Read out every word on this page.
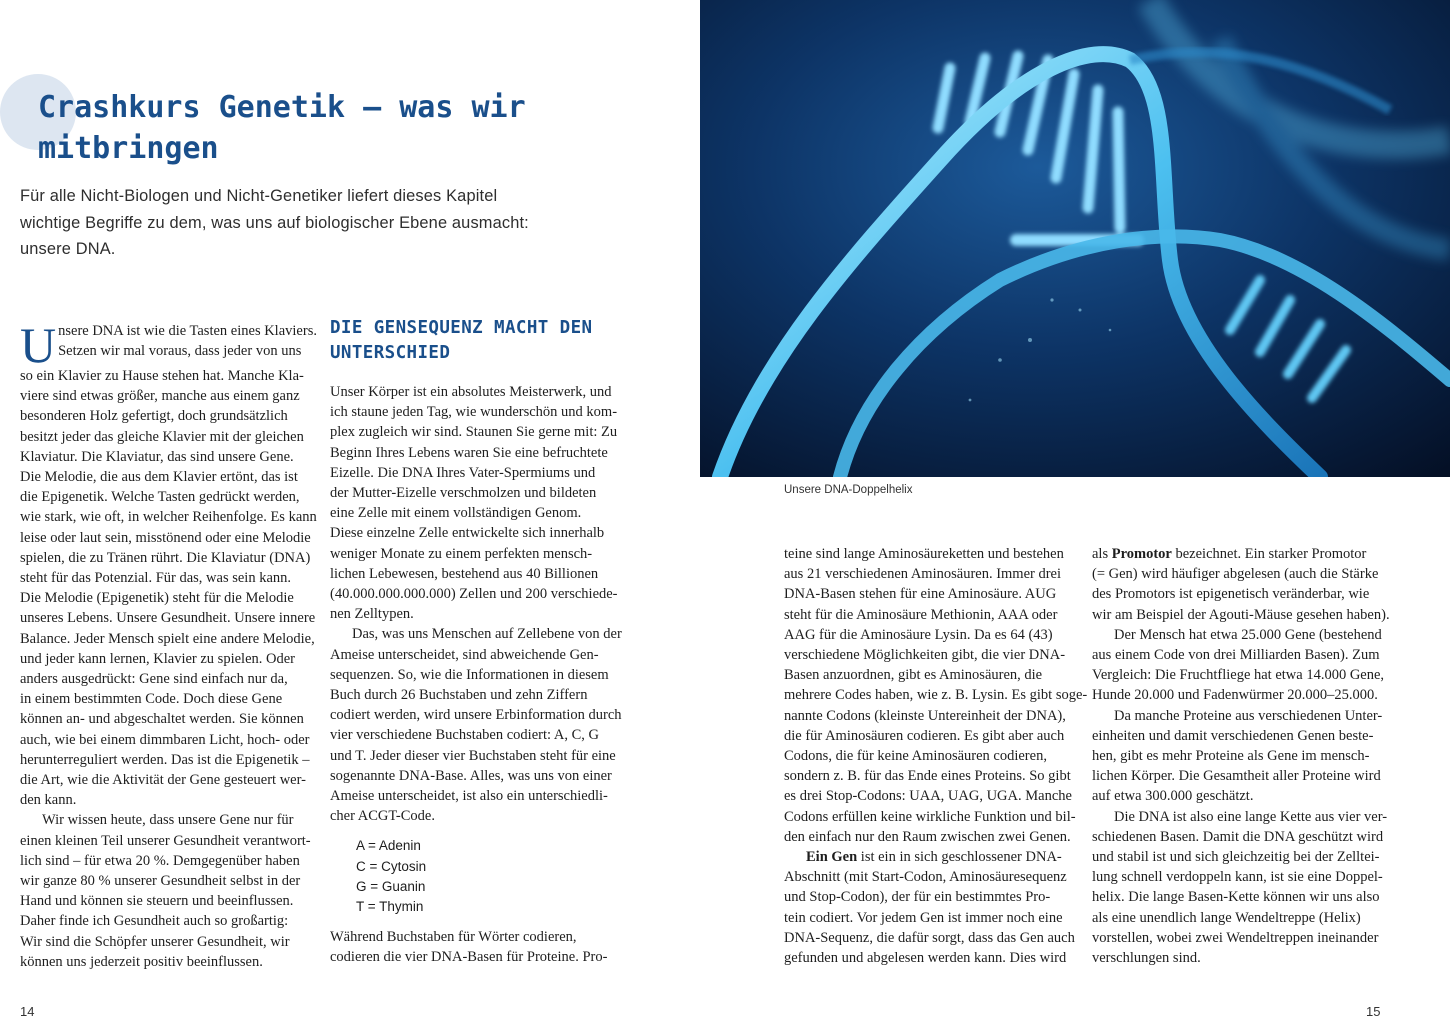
Crashkurs Genetik – was wir
mitbringen

Für alle Nicht-Biologen und Nicht-Genetiker liefert dieses Kapitel

wichtige Begriffe zu dem, was uns auf biologischer Ebene ausmacht:

unsere DNA.

U nsere DNA ist wie die Tasten eines Klaviers.
Setzen wir mal voraus, dass jeder von uns
so ein Klavier zu Hause stehen hat. Manche Kla-
viere sind etwas größer, manche aus einem ganz
besonderen Holz gefertigt, doch grundsätzlich
besitzt jeder das gleiche Klavier mit der gleichen
Klaviatur. Die Klaviatur, das sind unsere Gene.
Die Melodie, die aus dem Klavier ertönt, das ist
die Epigenetik. Welche Tasten gedrückt werden,
wie stark, wie oft, in welcher Reihenfolge. Es kann
leise oder laut sein, misstönend oder eine Melodie
spielen, die zu Tränen rührt. Die Klaviatur (DNA)
steht für das Potenzial. Für das, was sein kann.
Die Melodie (Epigenetik) steht für die Melodie
unseres Lebens. Unsere Gesundheit. Unsere innere
Balance. Jeder Mensch spielt eine andere Melodie,
und jeder kann lernen, Klavier zu spielen. Oder
anders ausgedrückt: Gene sind einfach nur da,
in einem bestimmten Code. Doch diese Gene
können an- und abgeschaltet werden. Sie können
auch, wie bei einem dimmbaren Licht, hoch- oder
herunterreguliert werden. Das ist die Epigenetik –
die Art, wie die Aktivität der Gene gesteuert wer-
den kann.
Wir wissen heute, dass unsere Gene nur für
einen kleinen Teil unserer Gesundheit verantwort-
lich sind – für etwa 20 %. Demgegenüber haben
wir ganze 80 % unserer Gesundheit selbst in der
Hand und können sie steuern und beeinflussen.
Daher finde ich Gesundheit auch so großartig:
Wir sind die Schöpfer unserer Gesundheit, wir
können uns jederzeit positiv beeinflussen.
DIE GENSEQUENZ MACHT DEN
UNTERSCHIED
Unser Körper ist ein absolutes Meisterwerk, und
ich staune jeden Tag, wie wunderschön und kom-
plex zugleich wir sind. Staunen Sie gerne mit: Zu
Beginn Ihres Lebens waren Sie eine befruchtete
Eizelle. Die DNA Ihres Vater-Spermiums und
der Mutter-Eizelle verschmolzen und bildeten
eine Zelle mit einem vollständigen Genom.
Diese einzelne Zelle entwickelte sich innerhalb
weniger Monate zu einem perfekten mensch-
lichen Lebewesen, bestehend aus 40 Billionen
(40.000.000.000.000) Zellen und 200 verschiede-
nen Zelltypen.
Das, was uns Menschen auf Zellebene von der
Ameise unterscheidet, sind abweichende Gen-
sequenzen. So, wie die Informationen in diesem
Buch durch 26 Buchstaben und zehn Ziffern
codiert werden, wird unsere Erbinformation durch
vier verschiedene Buchstaben codiert: A, C, G
und T. Jeder dieser vier Buchstaben steht für eine
sogenannte DNA-Base. Alles, was uns von einer
Ameise unterscheidet, ist also ein unterschiedli-
cher ACGT-Code.
A = Adenin
C = Cytosin
G = Guanin
T = Thymin
Während Buchstaben für Wörter codieren,
codieren die vier DNA-Basen für Proteine. Pro-
14
Unsere DNA-Doppelhelix
teine sind lange Aminosäureketten und bestehen
aus 21 verschiedenen Aminosäuren. Immer drei
DNA-Basen stehen für eine Aminosäure. AUG
steht für die Aminosäure Methionin, AAA oder
AAG für die Aminosäure Lysin. Da es 64 (43)
verschiedene Möglichkeiten gibt, die vier DNA-
Basen anzuordnen, gibt es Aminosäuren, die
mehrere Codes haben, wie z. B. Lysin. Es gibt soge-
nannte Codons (kleinste Untereinheit der DNA),
die für Aminosäuren codieren. Es gibt aber auch
Codons, die für keine Aminosäuren codieren,
sondern z. B. für das Ende eines Proteins. So gibt
es drei Stop-Codons: UAA, UAG, UGA. Manche
Codons erfüllen keine wirkliche Funktion und bil-
den einfach nur den Raum zwischen zwei Genen.
Ein Gen ist ein in sich geschlossener DNA-
Abschnitt (mit Start-Codon, Aminosäuresequenz
und Stop-Codon), der für ein bestimmtes Pro-
tein codiert. Vor jedem Gen ist immer noch eine
DNA-Sequenz, die dafür sorgt, dass das Gen auch
gefunden und abgelesen werden kann. Dies wird
als Promotor bezeichnet. Ein starker Promotor
(= Gen) wird häufiger abgelesen (auch die Stärke
des Promotors ist epigenetisch veränderbar, wie
wir am Beispiel der Agouti-Mäuse gesehen haben).
Der Mensch hat etwa 25.000 Gene (bestehend
aus einem Code von drei Milliarden Basen). Zum
Vergleich: Die Fruchtfliege hat etwa 14.000 Gene,
Hunde 20.000 und Fadenwürmer 20.000–25.000.
Da manche Proteine aus verschiedenen Unter-
einheiten und damit verschiedenen Genen beste-
hen, gibt es mehr Proteine als Gene im mensch-
lichen Körper. Die Gesamtheit aller Proteine wird
auf etwa 300.000 geschätzt.
Die DNA ist also eine lange Kette aus vier ver-
schiedenen Basen. Damit die DNA geschützt wird
und stabil ist und sich gleichzeitig bei der Zelltei-
lung schnell verdoppeln kann, ist sie eine Doppel-
helix. Die lange Basen-Kette können wir uns also
als eine unendlich lange Wendeltreppe (Helix)
vorstellen, wobei zwei Wendeltreppen ineinander
verschlungen sind.
15
